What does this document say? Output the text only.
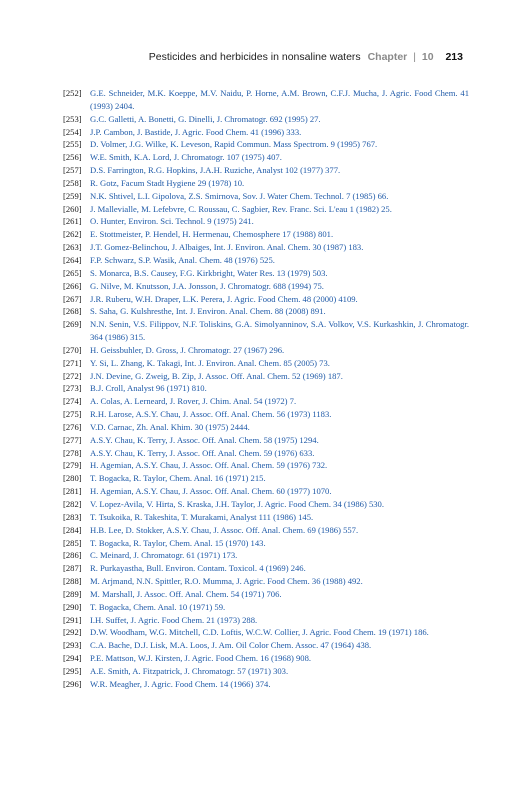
Pesticides and herbicides in nonsaline waters Chapter | 10 213
[252] G.E. Schneider, M.K. Koeppe, M.V. Naidu, P. Horne, A.M. Brown, C.F.J. Mucha, J. Agric. Food Chem. 41 (1993) 2404.
[253] G.C. Galletti, A. Bonetti, G. Dinelli, J. Chromatogr. 692 (1995) 27.
[254] J.P. Cambon, J. Bastide, J. Agric. Food Chem. 41 (1996) 333.
[255] D. Volmer, J.G. Wilke, K. Leveson, Rapid Commun. Mass Spectrom. 9 (1995) 767.
[256] W.E. Smith, K.A. Lord, J. Chromatogr. 107 (1975) 407.
[257] D.S. Farrington, R.G. Hopkins, J.A.H. Ruziche, Analyst 102 (1977) 377.
[258] R. Gotz, Facum Stadt Hygiene 29 (1978) 10.
[259] N.K. Shtivel, L.I. Gipolova, Z.S. Smirnova, Sov. J. Water Chem. Technol. 7 (1985) 66.
[260] J. Mallevialle, M. Lefebvre, C. Roussau, C. Sagbier, Rev. Franc. Sci. L'eau 1 (1982) 25.
[261] O. Hunter, Environ. Sci. Technol. 9 (1975) 241.
[262] E. Stottmeister, P. Hendel, H. Hermenau, Chemosphere 17 (1988) 801.
[263] J.T. Gomez-Belinchou, J. Albaiges, Int. J. Environ. Anal. Chem. 30 (1987) 183.
[264] F.P. Schwarz, S.P. Wasik, Anal. Chem. 48 (1976) 525.
[265] S. Monarca, B.S. Causey, F.G. Kirkbright, Water Res. 13 (1979) 503.
[266] G. Nilve, M. Knutsson, J.A. Jonsson, J. Chromatogr. 688 (1994) 75.
[267] J.R. Ruberu, W.H. Draper, L.K. Perera, J. Agric. Food Chem. 48 (2000) 4109.
[268] S. Saha, G. Kulshresthe, Int. J. Environ. Anal. Chem. 88 (2008) 891.
[269] N.N. Senin, V.S. Filippov, N.F. Toliskins, G.A. Simolyanninov, S.A. Volkov, V.S. Kurkashkin, J. Chromatogr. 364 (1986) 315.
[270] H. Geissbuhler, D. Gross, J. Chromatogr. 27 (1967) 296.
[271] Y. Si, L. Zhang, K. Takagi, Int. J. Environ. Anal. Chem. 85 (2005) 73.
[272] J.N. Devine, G. Zweig, B. Zip, J. Assoc. Off. Anal. Chem. 52 (1969) 187.
[273] B.J. Croll, Analyst 96 (1971) 810.
[274] A. Colas, A. Lerneard, J. Rover, J. Chim. Anal. 54 (1972) 7.
[275] R.H. Larose, A.S.Y. Chau, J. Assoc. Off. Anal. Chem. 56 (1973) 1183.
[276] V.D. Carnac, Zh. Anal. Khim. 30 (1975) 2444.
[277] A.S.Y. Chau, K. Terry, J. Assoc. Off. Anal. Chem. 58 (1975) 1294.
[278] A.S.Y. Chau, K. Terry, J. Assoc. Off. Anal. Chem. 59 (1976) 633.
[279] H. Agemian, A.S.Y. Chau, J. Assoc. Off. Anal. Chem. 59 (1976) 732.
[280] T. Bogacka, R. Taylor, Chem. Anal. 16 (1971) 215.
[281] H. Agemian, A.S.Y. Chau, J. Assoc. Off. Anal. Chem. 60 (1977) 1070.
[282] V. Lopez-Avila, V. Hirta, S. Kraska, J.H. Taylor, J. Agric. Food Chem. 34 (1986) 530.
[283] T. Tsukoika, R. Takeshita, T. Murakami, Analyst 111 (1986) 145.
[284] H.B. Lee, D. Stokker, A.S.Y. Chau, J. Assoc. Off. Anal. Chem. 69 (1986) 557.
[285] T. Bogacka, R. Taylor, Chem. Anal. 15 (1970) 143.
[286] C. Meinard, J. Chromatogr. 61 (1971) 173.
[287] R. Purkayastha, Bull. Environ. Contam. Toxicol. 4 (1969) 246.
[288] M. Arjmand, N.N. Spittler, R.O. Mumma, J. Agric. Food Chem. 36 (1988) 492.
[289] M. Marshall, J. Assoc. Off. Anal. Chem. 54 (1971) 706.
[290] T. Bogacka, Chem. Anal. 10 (1971) 59.
[291] I.H. Suffet, J. Agric. Food Chem. 21 (1973) 288.
[292] D.W. Woodham, W.G. Mitchell, C.D. Loftis, W.C.W. Collier, J. Agric. Food Chem. 19 (1971) 186.
[293] C.A. Bache, D.J. Lisk, M.A. Loos, J. Am. Oil Color Chem. Assoc. 47 (1964) 438.
[294] P.E. Mattson, W.J. Kirsten, J. Agric. Food Chem. 16 (1968) 908.
[295] A.E. Smith, A. Fitzpatrick, J. Chromatogr. 57 (1971) 303.
[296] W.R. Meagher, J. Agric. Food Chem. 14 (1966) 374.
